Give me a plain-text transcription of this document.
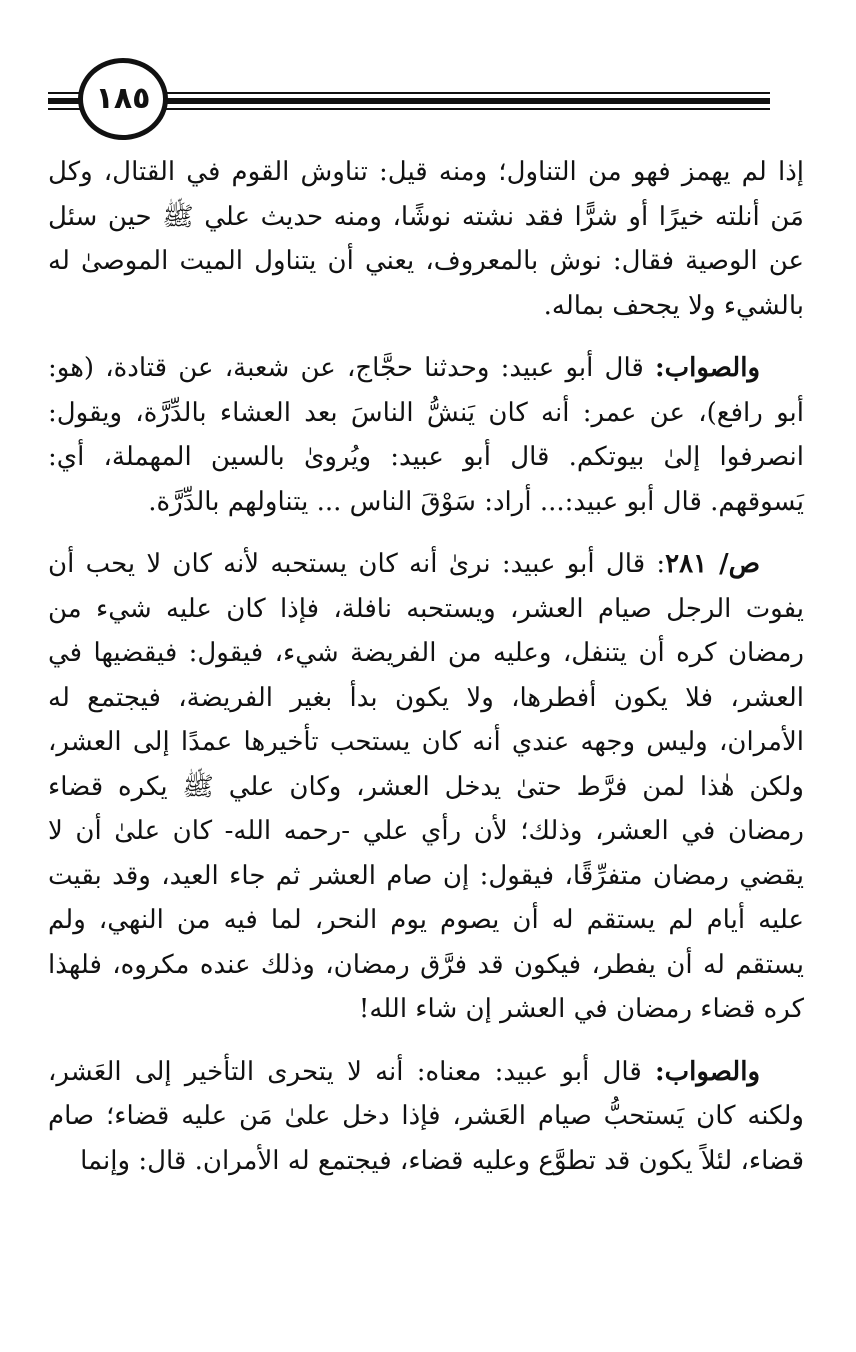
١٨٥

إذا لم يهمز فهو من التناول؛ ومنه قيل: تناوش القوم في القتال، وكل مَن أنلته خيرًا أو شرًّا فقد نشته نوشًا، ومنه حديث علي ﷺ حين سئل عن الوصية فقال: نوش بالمعروف، يعني أن يتناول الميت الموصىٰ له بالشيء ولا يجحف بماله.

والصواب: قال أبو عبيد: وحدثنا حجَّاج، عن شعبة، عن قتادة، (هو: أبو رافع)، عن عمر: أنه كان يَنشُّ الناسَ بعد العشاء بالدِّرَّة، ويقول: انصرفوا إلىٰ بيوتكم. قال أبو عبيد: ويُروىٰ بالسين المهملة، أي: يَسوقهم. قال أبو عبيد:... أراد: سَوْقَ الناس ... يتناولهم بالدِّرَّة.

ص/ ٢٨١: قال أبو عبيد: نرىٰ أنه كان يستحبه لأنه كان لا يحب أن يفوت الرجل صيام العشر، ويستحبه نافلة، فإذا كان عليه شيء من رمضان كره أن يتنفل، وعليه من الفريضة شيء، فيقول: فيقضيها في العشر، فلا يكون أفطرها، ولا يكون بدأ بغير الفريضة، فيجتمع له الأمران، وليس وجهه عندي أنه كان يستحب تأخيرها عمدًا إلى العشر، ولكن هٰذا لمن فرَّط حتىٰ يدخل العشر، وكان علي ﷺ يكره قضاء رمضان في العشر، وذلك؛ لأن رأي علي -رحمه الله- كان علىٰ أن لا يقضي رمضان متفرِّقًا، فيقول: إن صام العشر ثم جاء العيد، وقد بقيت عليه أيام لم يستقم له أن يصوم يوم النحر، لما فيه من النهي، ولم يستقم له أن يفطر، فيكون قد فرَّق رمضان، وذلك عنده مكروه، فلهذا كره قضاء رمضان في العشر إن شاء الله!

والصواب: قال أبو عبيد: معناه: أنه لا يتحرى التأخير إلى العَشر، ولكنه كان يَستحبُّ صيام العَشر، فإذا دخل علىٰ مَن عليه قضاء؛ صام قضاء، لئلاً يكون قد تطوَّع وعليه قضاء، فيجتمع له الأمران. قال: وإنما
